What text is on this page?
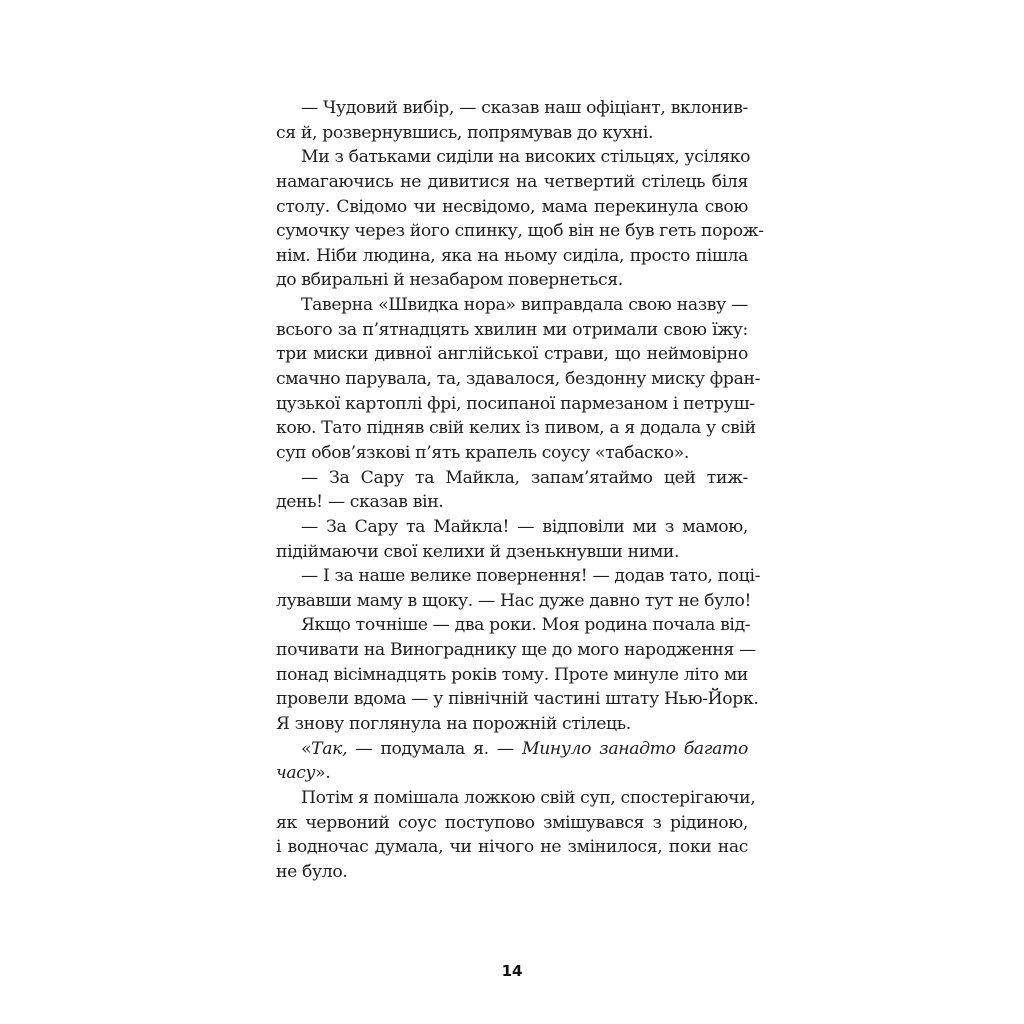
— Чудовий вибір, — сказав наш офіціант, вклонив-
ся й, розвернувшись, попрямував до кухні.
Ми з батьками сиділи на високих стільцях, усіляко
намагаючись не дивитися на четвертий стілець біля
столу. Свідомо чи несвідомо, мама перекинула свою
сумочку через його спинку, щоб він не був геть порож-
нім. Ніби людина, яка на ньому сиділа, просто пішла
до вбиральні й незабаром повернеться.
Таверна «Швидка нора» виправдала свою назву —
всього за п’ятнадцять хвилин ми отримали свою їжу:
три миски дивної англійської страви, що неймовірно
смачно парувала, та, здавалося, бездонну миску фран-
цузької картоплі фрі, посипаної пармезаном і петруш-
кою. Тато підняв свій келих із пивом, а я додала у свій
суп обов’язкові п’ять крапель соусу «табаско».
— За Сару та Майкла, запам’ятаймо цей тиж-
день! — сказав він.
— За Сару та Майкла! — відповіли ми з мамою,
підіймаючи свої келихи й дзенькнувши ними.
— І за наше велике повернення! — додав тато, поці-
лувавши маму в щоку. — Нас дуже давно тут не було!
Якщо точніше — два роки. Моя родина почала від-
почивати на Винограднику ще до мого народження —
понад вісімнадцять років тому. Проте минуле літо ми
провели вдома — у північній частині штату Нью-Йорк.
Я знову поглянула на порожній стілець.
«Так, — подумала я. — Минуло занадто багато
часу».
Потім я помішала ложкою свій суп, спостерігаючи,
як червоний соус поступово змішувався з рідиною,
і водночас думала, чи нічого не змінилося, поки нас
не було.
14
